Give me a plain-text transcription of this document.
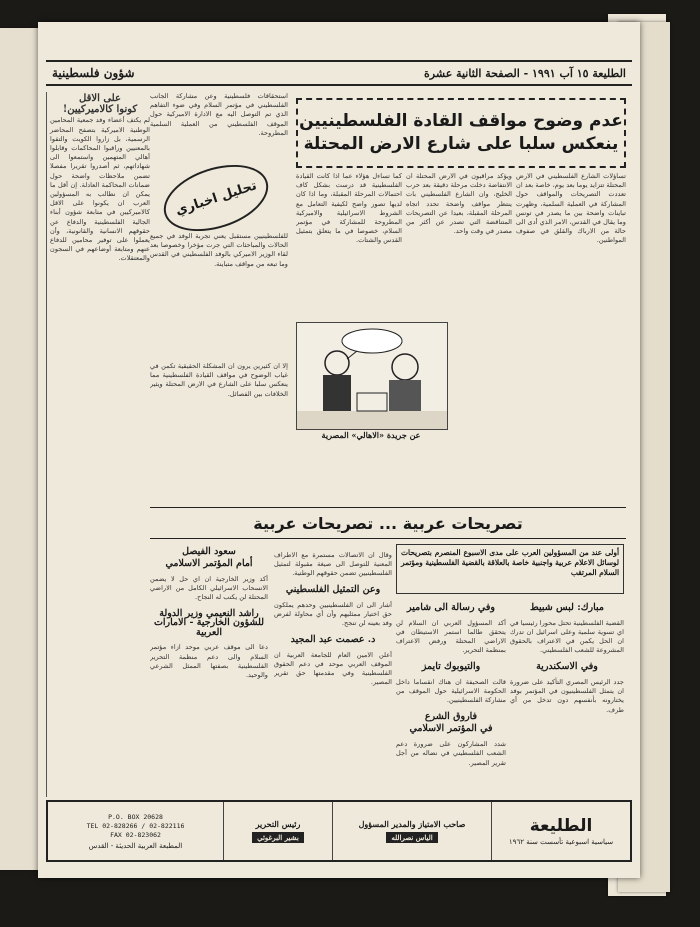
الطليعة ١٥ آب ١٩٩١ - الصفحة الثانية عشرة
شؤون فلسطينية
عدم وضوح مواقف القادة الفلسطينيين
ينعكس سلبا على شارع الارض المحتلة
على الاقل
كونوا كالاميركيين!

لم يكتف أعضاء وفد جمعية المحامين الوطنية الاميركية بتصفح المحاضر الرسمية، بل زاروا الكويت والتقوا بالمعنيين وراقبوا المحاكمات وقابلوا أهالي المتهمين واستمعوا الى شهاداتهم، ثم أصدروا تقريرا مفصلا تضمن ملاحظات واضحة حول ضمانات المحاكمة العادلة. إن أقل ما يمكن ان نطالب به المسؤولين العرب ان يكونوا على الاقل كالاميركيين في متابعة شؤون أبناء الجالية الفلسطينية والدفاع عن حقوقهم الانسانية والقانونية، وأن يعملوا على توفير محامين للدفاع عنهم ومتابعة أوضاعهم في السجون والمعتقلات.

استحقاقات فلسطينية وعن مشاركة الجانب الفلسطيني في مؤتمر السلام وفي ضوء التفاهم الذي تم التوصل اليه مع الادارة الاميركية حول الموقف الفلسطيني من العملية السلمية المطروحة.

تحليل اخباري

للفلسطينيين مستقبل يعني تجربة الوفد في جميع الحالات والمباحثات التي جرت مؤخرا وخصوصا بعد لقاء الوزير الاميركي بالوفد الفلسطيني في القدس وما تبعه من مواقف متباينة.

إلا ان كثيرين يرون ان المشكلة الحقيقية تكمن في غياب الوضوح في مواقف القيادة الفلسطينية مما ينعكس سلبا على الشارع في الارض المحتلة ويثير الخلافات بين الفصائل.

كما تساءل هؤلاء عما اذا كانت القيادة الفلسطينية قد درست بشكل كاف احتمالات المرحلة المقبلة، وما اذا كان لديها تصور واضح لكيفية التعامل مع الشروط الاسرائيلية والاميركية المطروحة للمشاركة في مؤتمر السلام، خصوصا في ما يتعلق بتمثيل القدس والشتات.

ويؤكد مراقبون في الارض المحتلة ان الانتفاضة دخلت مرحلة دقيقة بعد حرب الخليج، وان الشارع الفلسطيني بات ينتظر مواقف واضحة تحدد اتجاه المرحلة المقبلة، بعيدا عن التصريحات المتناقضة التي تصدر عن أكثر من مصدر في وقت واحد.

تساؤلات الشارع الفلسطيني في الارض المحتلة تتزايد يوما بعد يوم، خاصة بعد ان تعددت التصريحات والمواقف حول المشاركة في العملية السلمية، وظهرت تباينات واضحة بين ما يصدر في تونس وما يقال في القدس، الامر الذي أدى الى حالة من الارباك والقلق في صفوف المواطنين.

عن جريدة «الاهالي» المصرية
تصريحات عربية ... تصريحات عربية
أولى عند من المسؤولين العرب على مدى الاسبوع المنصرم بتصريحات لوسائل الاعلام عربية واجنبية خاصة بالعلاقة بالقضية الفلسطينية ومؤتمر السلام المرتقب
مبارك: لبس شبيط

القضية الفلسطينية تحتل محورا رئيسيا في اي تسوية سلمية وعلى اسرائيل ان تدرك ان الحل يكمن في الاعتراف بالحقوق المشروعة للشعب الفلسطيني.

وفي الاسكندرية

جدد الرئيس المصري التأكيد على ضرورة ان يتمثل الفلسطينيون في المؤتمر بوفد يختارونه بأنفسهم دون تدخل من أي طرف.

وفي رسالة الى شامير

أكد المسؤول العربي ان السلام لن يتحقق طالما استمر الاستيطان في الاراضي المحتلة ورفض الاعتراف بمنظمة التحرير.

والتيوبوك تايمز

قالت الصحيفة ان هناك انقساما داخل الحكومة الاسرائيلية حول الموقف من مشاركة الفلسطينيين.

فاروق الشرع
في المؤتمر الاسلامي

شدد المشاركون على ضرورة دعم الشعب الفلسطيني في نضاله من أجل تقرير المصير.

وقال ان الاتصالات مستمرة مع الاطراف المعنية للتوصل الى صيغة مقبولة لتمثيل الفلسطينيين تضمن حقوقهم الوطنية.

وعن التمثيل الفلسطيني

أشار الى ان الفلسطينيين وحدهم يملكون حق اختيار ممثليهم وأن أي محاولة لفرض وفد بعينه لن تنجح.

د. عصمت عبد المجيد

أعلن الامين العام للجامعة العربية ان الموقف العربي موحد في دعم الحقوق الفلسطينية وفي مقدمتها حق تقرير المصير.

سعود الفيصل
أمام المؤتمر الاسلامي

أكد وزير الخارجية ان اي حل لا يضمن الانسحاب الاسرائيلي الكامل من الاراضي المحتلة لن يكتب له النجاح.

راشد النعيمي وزير الدولة للشؤون الخارجية - الامارات العربية

دعا الى موقف عربي موحد ازاء مؤتمر السلام والى دعم منظمة التحرير الفلسطينية بصفتها الممثل الشرعي والوحيد.

الطليعة
سياسية اسبوعية تأسست سنة ١٩٦٢
صاحب الامتياز والمدير المسؤول
الياس نصرالله
رئيس التحرير
بشير البرغوثي
P.O. BOX 20628
TEL 02-828266 / 02-822116
FAX 02-823062
المطبعة العربية الحديثة - القدس
